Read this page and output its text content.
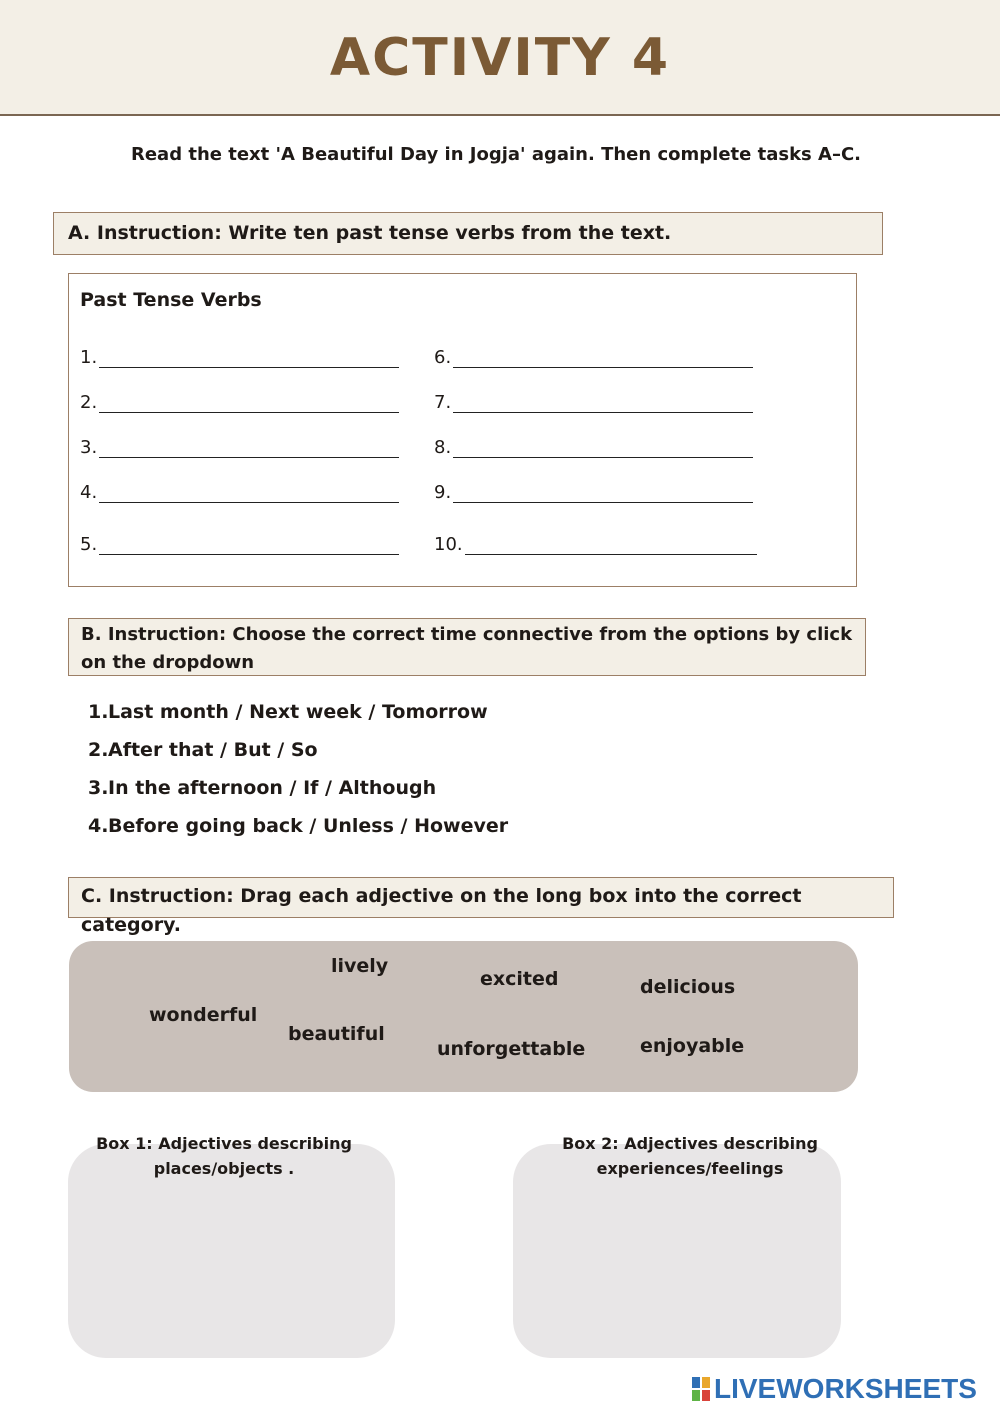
ACTIVITY 4
Read the text 'A Beautiful Day in Jogja' again. Then complete tasks A–C.
A. Instruction: Write ten past tense verbs from the text.
Past Tense Verbs
1.
2.
3.
4.
5.
6.
7.
8.
9.
10.
B. Instruction: Choose the correct time connective from the options by click on the dropdown
1. Last month / Next week / Tomorrow
2. After that / But / So
3. In the afternoon / If / Although
4. Before going back / Unless / However
C. Instruction: Drag each adjective on the long box into the correct category.
lively
excited	delicious
wonderful
beautiful
unforgettable	enjoyable
Box 1: Adjectives describing places/objects .
Box 2: Adjectives describing experiences/feelings
LIVEWORKSHEETS
